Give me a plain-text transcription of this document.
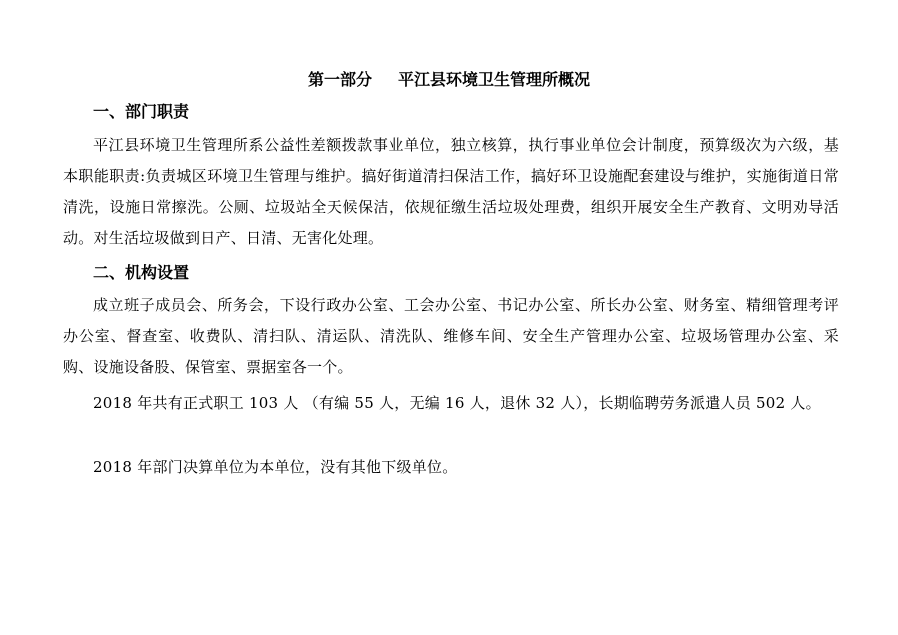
第一部分 平江县环境卫生管理所概况
一、部门职责

平江县环境卫生管理所系公益性差额拨款事业单位，独立核算，执行事业单位会计制度，预算级次为六级，基本职能职责:负责城区环境卫生管理与维护。搞好街道清扫保洁工作，搞好环卫设施配套建设与维护，实施街道日常清洗，设施日常擦洗。公厕、垃圾站全天候保洁，依规征缴生活垃圾处理费，组织开展安全生产教育、文明劝导活动。对生活垃圾做到日产、日清、无害化处理。

二、机构设置

成立班子成员会、所务会，下设行政办公室、工会办公室、书记办公室、所长办公室、财务室、精细管理考评办公室、督查室、收费队、清扫队、清运队、清洗队、维修车间、安全生产管理办公室、垃圾场管理办公室、采购、设施设备股、保管室、票据室各一个。

2018 年共有正式职工 103 人 （有编 55 人，无编 16 人，退休 32 人），长期临聘劳务派遣人员 502 人。

2018 年部门决算单位为本单位，没有其他下级单位。
